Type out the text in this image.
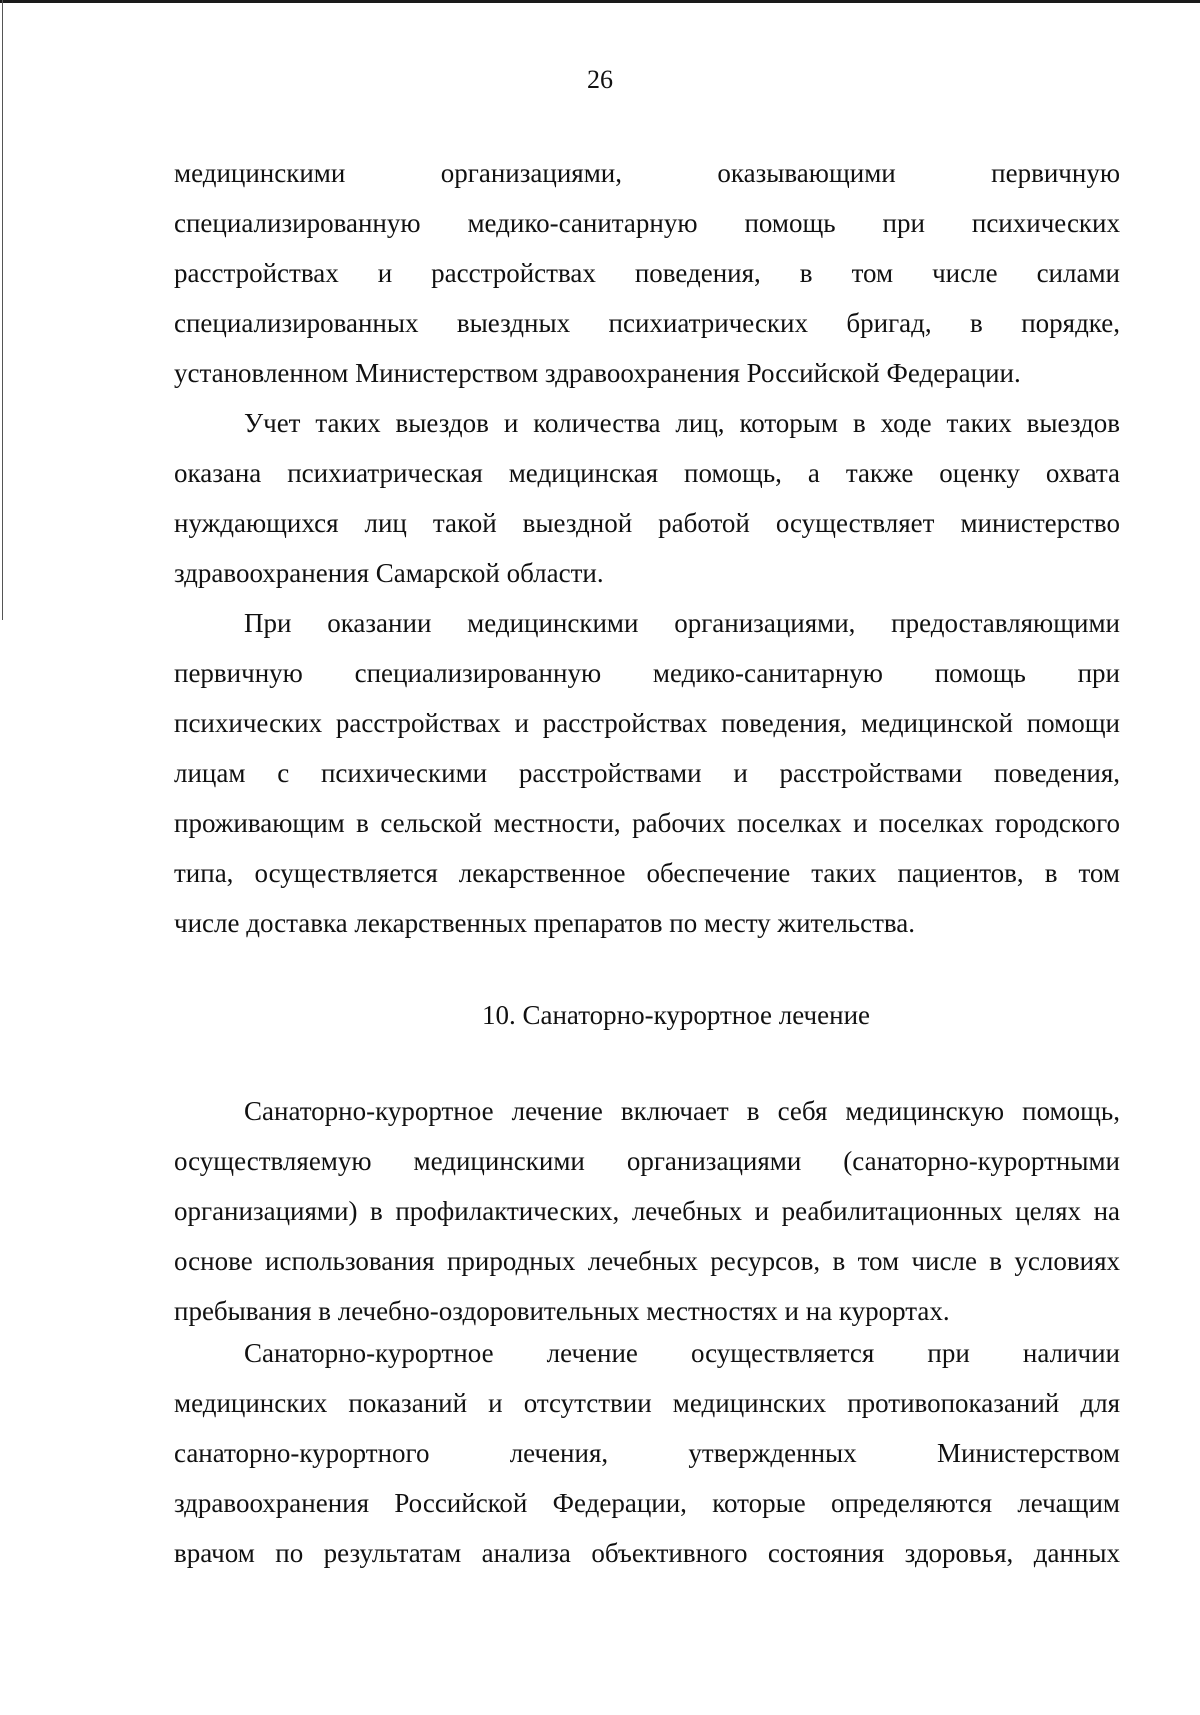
26
медицинскими организациями, оказывающими первичную
специализированную медико-санитарную помощь при психических
расстройствах и расстройствах поведения, в том числе силами
специализированных выездных психиатрических бригад, в порядке,
установленном Министерством здравоохранения Российской Федерации.
Учет таких выездов и количества лиц, которым в ходе таких выездов
оказана психиатрическая медицинская помощь, а также оценку охвата
нуждающихся лиц такой выездной работой осуществляет министерство
здравоохранения Самарской области.
При оказании медицинскими организациями, предоставляющими
первичную специализированную медико-санитарную помощь при
психических расстройствах и расстройствах поведения, медицинской помощи
лицам с психическими расстройствами и расстройствами поведения,
проживающим в сельской местности, рабочих поселках и поселках городского
типа, осуществляется лекарственное обеспечение таких пациентов, в том
числе доставка лекарственных препаратов по месту жительства.
10. Санаторно-курортное лечение
Санаторно-курортное лечение включает в себя медицинскую помощь,
осуществляемую медицинскими организациями (санаторно-курортными
организациями) в профилактических, лечебных и реабилитационных целях на
основе использования природных лечебных ресурсов, в том числе в условиях
пребывания в лечебно-оздоровительных местностях и на курортах.
Санаторно-курортное лечение осуществляется при наличии
медицинских показаний и отсутствии медицинских противопоказаний для
санаторно-курортного лечения, утвержденных Министерством
здравоохранения Российской Федерации, которые определяются лечащим
врачом по результатам анализа объективного состояния здоровья, данных
